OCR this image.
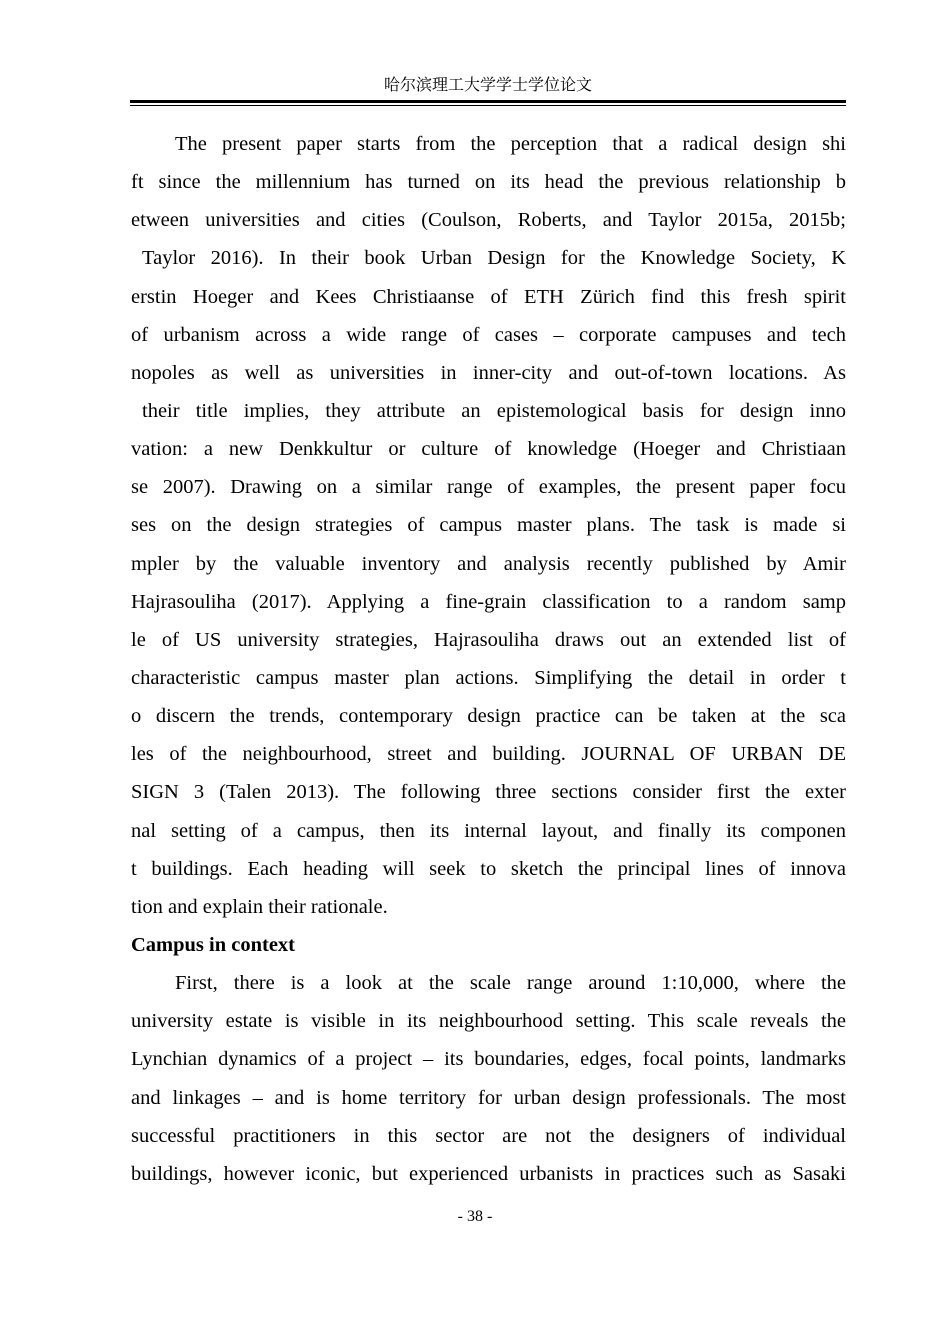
哈尔滨理工大学学士学位论文
The present paper starts from the perception that a radical design shi
ft since the millennium has turned on its head the previous relationship b
etween universities and cities (Coulson, Roberts, and Taylor 2015a, 2015b;
Taylor 2016). In their book Urban Design for the Knowledge Society, K
erstin Hoeger and Kees Christiaanse of ETH Zürich find this fresh spirit
of urbanism across a wide range of cases – corporate campuses and tech
nopoles as well as universities in inner-city and out-of-town locations. As
their title implies, they attribute an epistemological basis for design inno
vation: a new Denkkultur or culture of knowledge (Hoeger and Christiaan
se 2007). Drawing on a similar range of examples, the present paper focu
ses on the design strategies of campus master plans. The task is made si
mpler by the valuable inventory and analysis recently published by Amir
Hajrasouliha (2017). Applying a fine-grain classification to a random samp
le of US university strategies, Hajrasouliha draws out an extended list of
characteristic campus master plan actions. Simplifying the detail in order t
o discern the trends, contemporary design practice can be taken at the sca
les of the neighbourhood, street and building. JOURNAL OF URBAN DE
SIGN 3 (Talen 2013). The following three sections consider first the exter
nal setting of a campus, then its internal layout, and finally its componen
t buildings. Each heading will seek to sketch the principal lines of innova
tion and explain their rationale.
Campus in context
First, there is a look at the scale range around 1:10,000, where the
university estate is visible in its neighbourhood setting. This scale reveals the
Lynchian dynamics of a project – its boundaries, edges, focal points, landmarks
and linkages – and is home territory for urban design professionals. The most
successful practitioners in this sector are not the designers of individual
buildings, however iconic, but experienced urbanists in practices such as Sasaki
- 38 -
